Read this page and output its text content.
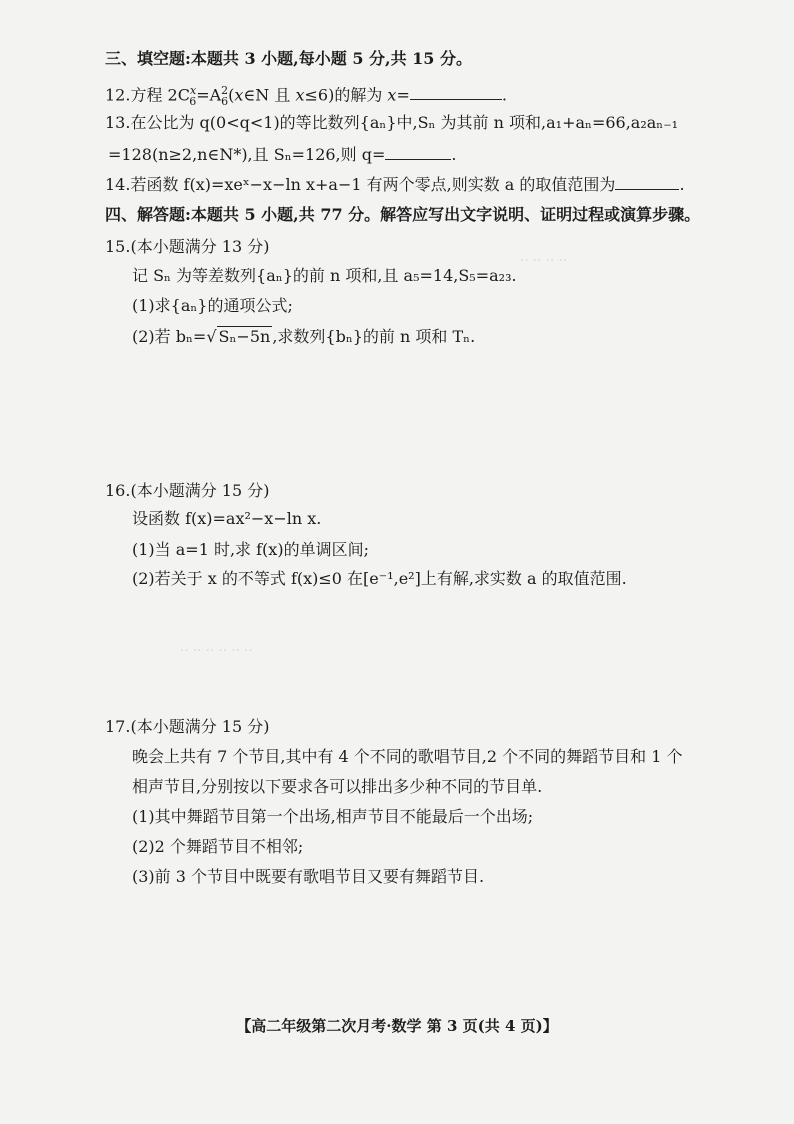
‥ ‥ ‥ ‥
‥ ‥ ‥ ‥ ‥ ‥
三、填空题:本题共 3 小题,每小题 5 分,共 15 分。
12.方程 $2C^x_6=A^2_6(x\in N$ 且 x≤6)的解为 x=	.
13.在公比为 q(0<q<1)的等比数列{aₙ}中,Sₙ 为其前 n 项和,a₁+aₙ=66,a₂aₙ₋₁
=128(n≥2,n∈N*),且 Sₙ=126,则 q=	.
14.若函数 f(x)=xeˣ−x−ln x+a−1 有两个零点,则实数 a 的取值范围为	.
四、解答题:本题共 5 小题,共 77 分。解答应写出文字说明、证明过程或演算步骤。
15.(本小题满分 13 分)
记 Sₙ 为等差数列{aₙ}的前 n 项和,且 a₅=14,S₅=a₂₃.
(1)求{aₙ}的通项公式;
(2)若 bₙ=√ Sₙ−5n ,求数列{bₙ}的前 n 项和 Tₙ.
16.(本小题满分 15 分)
设函数 f(x)=ax²−x−ln x.
(1)当 a=1 时,求 f(x)的单调区间;
(2)若关于 x 的不等式 f(x)≤0 在[e⁻¹,e²]上有解,求实数 a 的取值范围.
17.(本小题满分 15 分)
晚会上共有 7 个节目,其中有 4 个不同的歌唱节目,2 个不同的舞蹈节目和 1 个
相声节目,分别按以下要求各可以排出多少种不同的节目单.
(1)其中舞蹈节目第一个出场,相声节目不能最后一个出场;
(2)2 个舞蹈节目不相邻;
(3)前 3 个节目中既要有歌唱节目又要有舞蹈节目.
【高二年级第二次月考·数学 第 3 页(共 4 页)】
